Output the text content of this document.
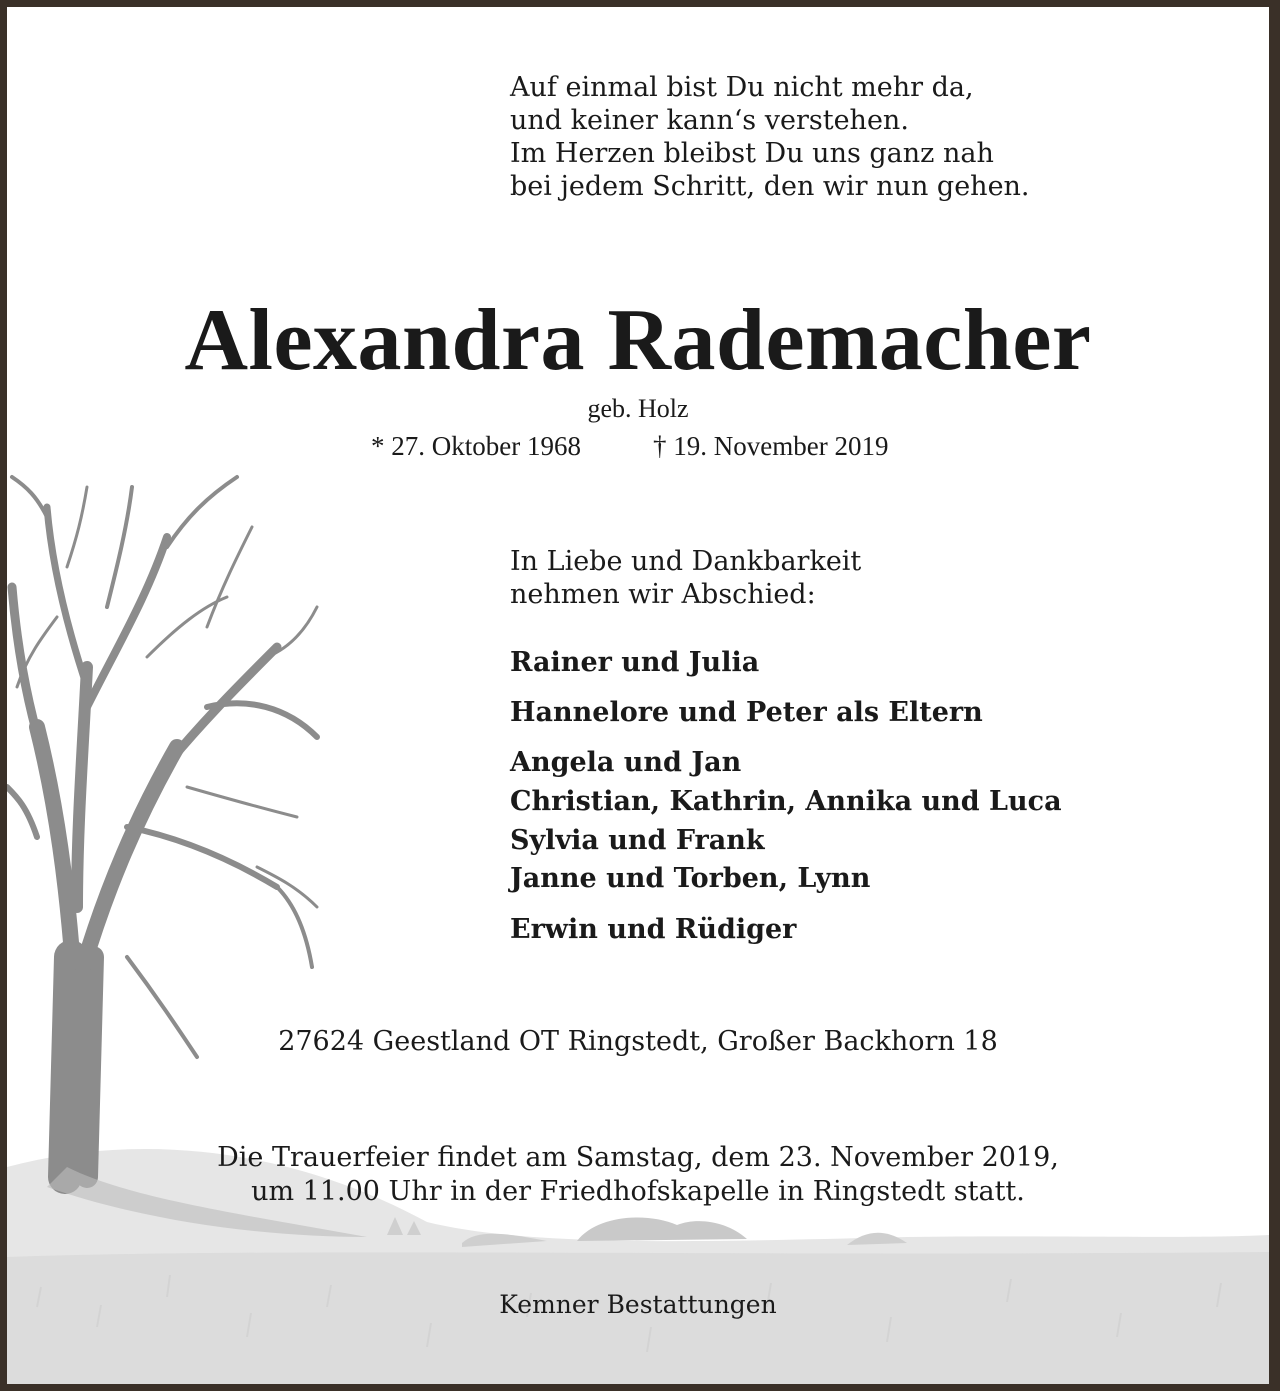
Auf einmal bist Du nicht mehr da,
und keiner kann‘s verstehen.
Im Herzen bleibst Du uns ganz nah
bei jedem Schritt, den wir nun gehen.
Alexandra Rademacher
geb. Holz
* 27. Oktober 1968	† 19. November 2019
In Liebe und Dankbarkeit
nehmen wir Abschied:
Rainer und Julia
Hannelore und Peter als Eltern
Angela und Jan
Christian, Kathrin, Annika und Luca
Sylvia und Frank
Janne und Torben, Lynn
Erwin und Rüdiger
27624 Geestland OT Ringstedt, Großer Backhorn 18
Die Trauerfeier findet am Samstag, dem 23. November 2019,
um 11.00 Uhr in der Friedhofskapelle in Ringstedt statt.
Kemner Bestattungen
